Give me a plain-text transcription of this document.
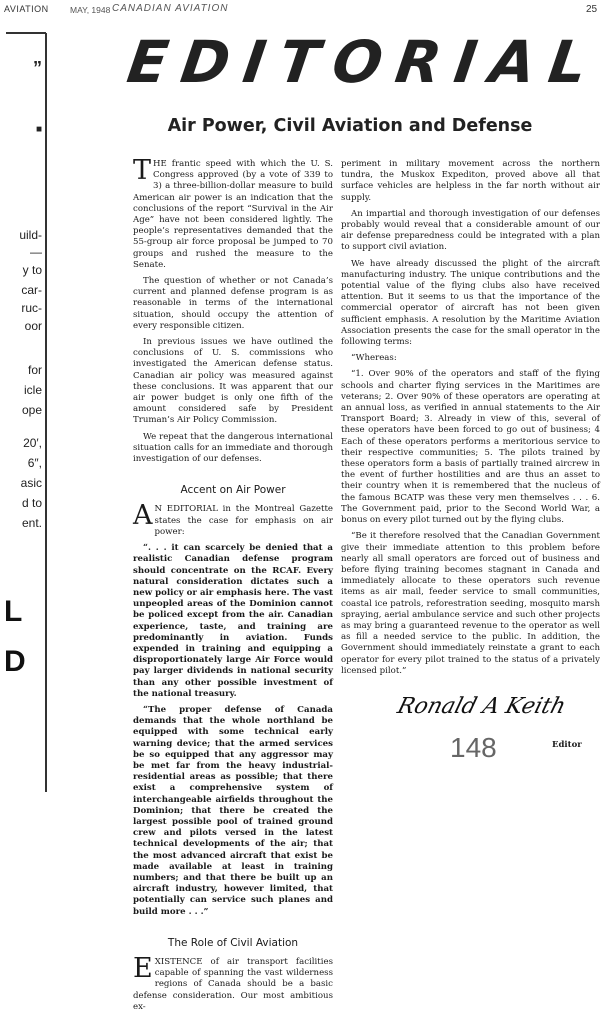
AVIATION	MAY, 1948 CANADIAN AVIATION	25
”
■
uild-
—
y to
car-
ruc-
oor
for
icle
ope
20′,
6″,
asic
d to
ent.
L
D
EDITORIAL
Air Power, Civil Aviation and Defense

THE frantic speed with which the U. S. Congress approved (by a vote of 339 to 3) a three-billion-dollar measure to build American air power is an indication that the conclusions of the report “Survival in the Air Age” have not been considered lightly. The people’s representatives demanded that the 55-group air force proposal be jumped to 70 groups and rushed the measure to the Senate.

The question of whether or not Canada’s current and planned defense program is as reasonable in terms of the international situation, should occupy the attention of every responsible citizen.

In previous issues we have outlined the conclusions of U. S. commissions who investigated the American defense status. Canadian air policy was measured against these conclusions. It was apparent that our air power budget is only one fifth of the amount considered safe by President Truman’s Air Policy Commission.

We repeat that the dangerous international situation calls for an immediate and thorough investigation of our defenses.

Accent on Air Power

A N EDITORIAL in the Montreal Gazette states the case for emphasis on air power:

“. . . it can scarcely be denied that a realistic Canadian defense program should concentrate on the RCAF. Every natural consideration dictates such a new policy or air emphasis here. The vast unpeopled areas of the Dominion cannot be policed except from the air. Canadian experience, taste, and training are predominantly in aviation. Funds expended in training and equipping a disproportionately large Air Force would pay larger dividends in national security than any other possible investment of the national treasury.

“The proper defense of Canada demands that the whole northland be equipped with some technical early warning device; that the armed services be so equipped that any aggressor may be met far from the heavy industrial-residential areas as possible; that there exist a comprehensive system of interchangeable airfields throughout the Dominion; that there be created the largest possible pool of trained ground crew and pilots versed in the latest technical developments of the air; that the most advanced aircraft that exist be made available at least in training numbers; and that there be built up an aircraft industry, however limited, that potentially can service such planes and build more . . .”

The Role of Civil Aviation

EXISTENCE of air transport facilities capable of spanning the vast wilderness regions of Canada should be a basic defense consideration. Our most ambitious ex-

periment in military movement across the northern tundra, the Muskox Expediton, proved above all that surface vehicles are helpless in the far north without air supply.

An impartial and thorough investigation of our defenses probably would reveal that a considerable amount of our air defense preparedness could be integrated with a plan to support civil aviation.

We have already discussed the plight of the aircraft manufacturing industry. The unique contributions and the potential value of the flying clubs also have received attention. But it seems to us that the importance of the commercial operator of aircraft has not been given sufficient emphasis. A resolution by the Maritime Aviation Association presents the case for the small operator in the following terms:

“Whereas:

“1. Over 90% of the operators and staff of the flying schools and charter flying services in the Maritimes are veterans; 2. Over 90% of these operators are operating at an annual loss, as verified in annual statements to the Air Transport Board; 3. Already in view of this, several of these operators have been forced to go out of business; 4 Each of these operators performs a meritorious service to their respective communities; 5. The pilots trained by these operators form a basis of partially trained aircrew in the event of further hostilities and are thus an asset to their country when it is remembered that the nucleus of the famous BCATP was these very men themselves . . . 6. The Government paid, prior to the Second World War, a bonus on every pilot turned out by the flying clubs.

“Be it therefore resolved that the Canadian Government give their immediate attention to this problem before nearly all small operators are forced out of business and before flying training becomes stagnant in Canada and immediately allocate to these operators such revenue items as air mail, feeder service to small communities, coastal ice patrols, reforestration seeding, mosquito marsh spraying, aerial ambulance service and such other projects as may bring a guaranteed revenue to the operator as well as fill a needed service to the public. In addition, the Government should immediately reinstate a grant to each operator for every pilot trained to the status of a privately licensed pilot.”

Ronald A Keith
148	Editor
